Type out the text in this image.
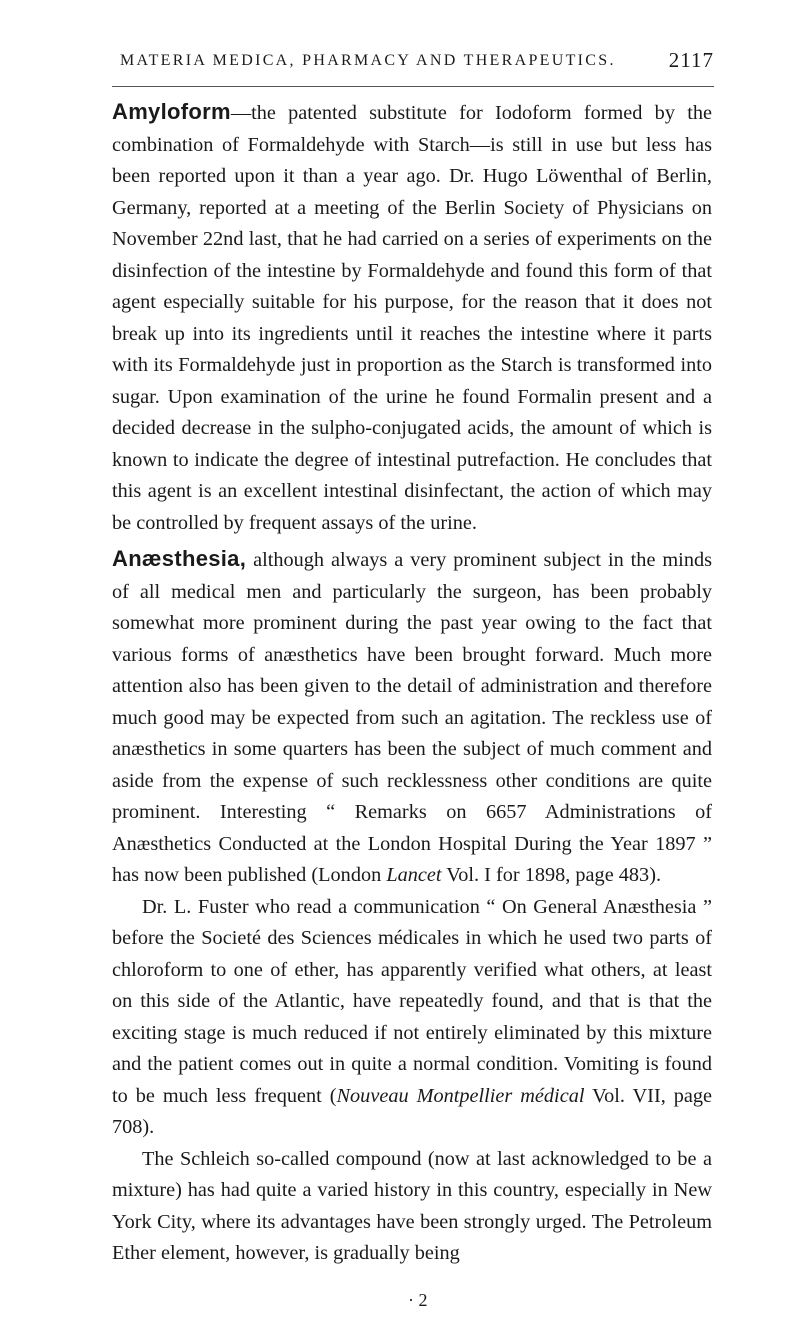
MATERIA MEDICA, PHARMACY AND THERAPEUTICS.	2117

Amyloform—the patented substitute for Iodoform formed by the combination of Formaldehyde with Starch—is still in use but less has been reported upon it than a year ago. Dr. Hugo Löwenthal of Berlin, Germany, reported at a meeting of the Berlin Society of Physicians on November 22nd last, that he had carried on a series of experiments on the disinfection of the intestine by Formaldehyde and found this form of that agent especially suitable for his purpose, for the reason that it does not break up into its ingredients until it reaches the intestine where it parts with its Formaldehyde just in proportion as the Starch is transformed into sugar. Upon examination of the urine he found Formalin present and a decided decrease in the sulpho-conjugated acids, the amount of which is known to indicate the degree of intestinal putrefaction. He concludes that this agent is an excellent intestinal disinfectant, the action of which may be controlled by frequent assays of the urine.

Anæsthesia, although always a very prominent subject in the minds of all medical men and particularly the surgeon, has been probably somewhat more prominent during the past year owing to the fact that various forms of anæsthetics have been brought forward. Much more attention also has been given to the detail of administration and therefore much good may be expected from such an agitation. The reckless use of anæsthetics in some quarters has been the subject of much comment and aside from the expense of such recklessness other conditions are quite prominent. Interesting “ Remarks on 6657 Administrations of Anæsthetics Conducted at the London Hospital During the Year 1897 ” has now been published (London Lancet Vol. I for 1898, page 483).

Dr. L. Fuster who read a communication “ On General Anæsthesia ” before the Societé des Sciences médicales in which he used two parts of chloroform to one of ether, has apparently verified what others, at least on this side of the Atlantic, have repeatedly found, and that is that the exciting stage is much reduced if not entirely eliminated by this mixture and the patient comes out in quite a normal condition. Vomiting is found to be much less frequent (Nouveau Montpellier médical Vol. VII, page 708).

The Schleich so-called compound (now at last acknowledged to be a mixture) has had quite a varied history in this country, especially in New York City, where its advantages have been strongly urged. The Petroleum Ether element, however, is gradually being

· 2
